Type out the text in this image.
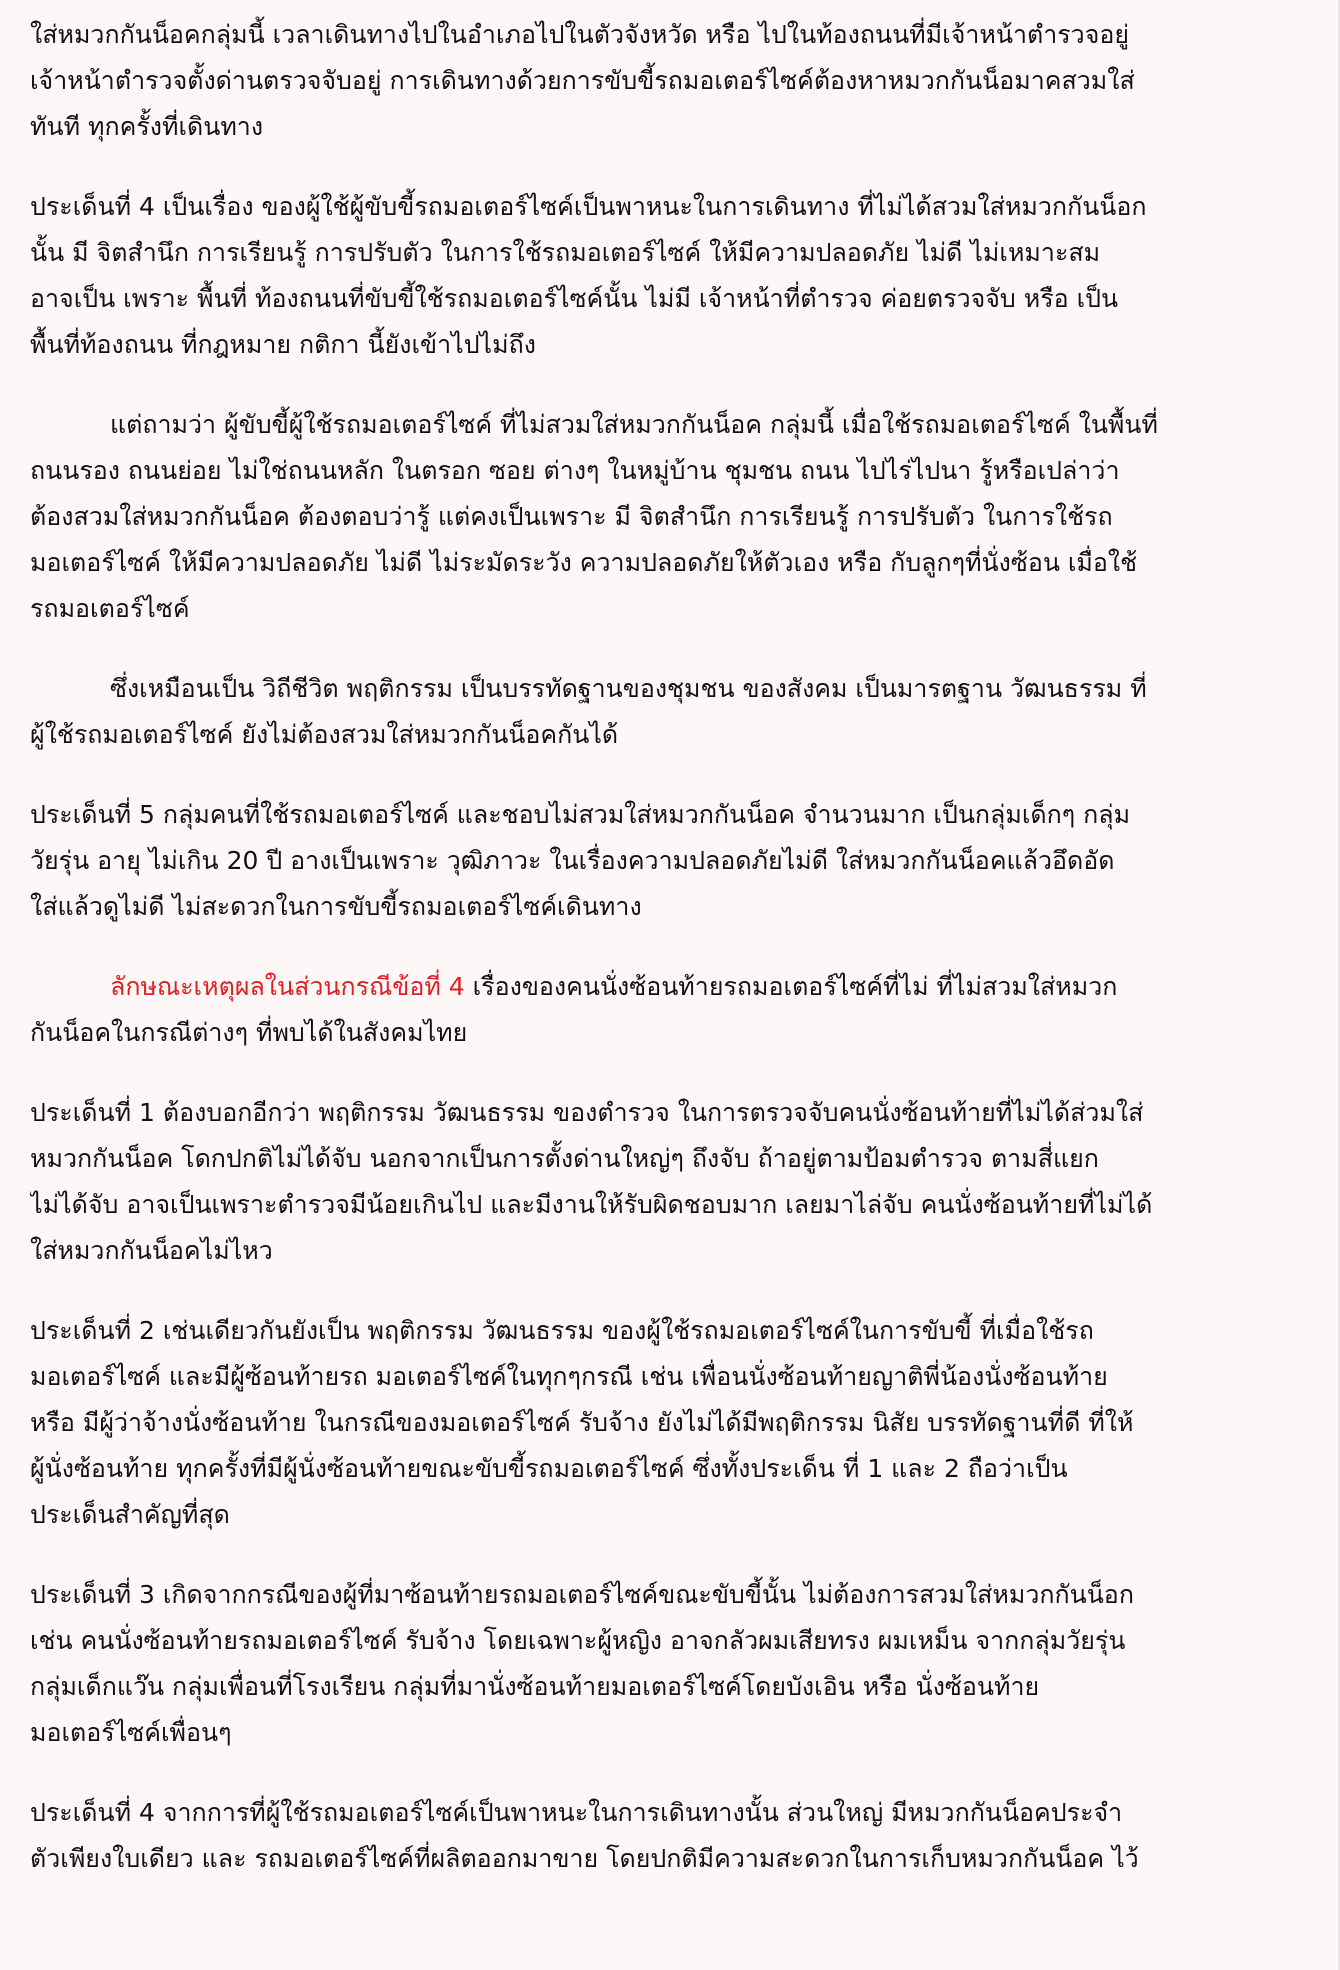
ใส่หมวกกันน็อคกลุ่มนี้ เวลาเดินทางไปในอำเภอไปในตัวจังหวัด หรือ ไปในท้องถนนที่มีเจ้าหน้าตำรวจอยู่
เจ้าหน้าตำรวจตั้งด่านตรวจจับอยู่ การเดินทางด้วยการขับขี้รถมอเตอร์ไซค์ต้องหาหมวกกันน็อมาคสวมใส่
ทันที ทุกครั้งที่เดินทาง
ประเด็นที่ 4 เป็นเรื่อง ของผู้ใช้ผู้ขับขี้รถมอเตอร์ไซค์เป็นพาหนะในการเดินทาง ที่ไม่ได้สวมใส่หมวกกันน็อก
นั้น มี จิตสำนึก การเรียนรู้ การปรับตัว ในการใช้รถมอเตอร์ไซค์ ให้มีความปลอดภัย ไม่ดี ไม่เหมาะสม
อาจเป็น เพราะ พื้นที่ ท้องถนนที่ขับขี้ใช้รถมอเตอร์ไซค์นั้น ไม่มี เจ้าหน้าที่ตำรวจ ค่อยตรวจจับ หรือ เป็น
พื้นที่ท้องถนน ที่กฎหมาย กติกา นี้ยังเข้าไปไม่ถึง
แต่ถามว่า ผู้ขับขี้ผู้ใช้รถมอเตอร์ไซค์ ที่ไม่สวมใส่หมวกกันน็อค กลุ่มนี้ เมื่อใช้รถมอเตอร์ไซค์ ในพื้นที่
ถนนรอง ถนนย่อย ไม่ใช่ถนนหลัก ในตรอก ซอย ต่างๆ ในหมู่บ้าน ชุมชน ถนน ไปไร่ไปนา รู้หรือเปล่าว่า
ต้องสวมใส่หมวกกันน็อค ต้องตอบว่ารู้ แต่คงเป็นเพราะ มี จิตสำนึก การเรียนรู้ การปรับตัว ในการใช้รถ
มอเตอร์ไซค์ ให้มีความปลอดภัย ไม่ดี ไม่ระมัดระวัง ความปลอดภัยให้ตัวเอง หรือ กับลูกๆที่นั่งซ้อน เมื่อใช้
รถมอเตอร์ไซค์
ซึ่งเหมือนเป็น วิถีชีวิต พฤติกรรม เป็นบรรทัดฐานของชุมชน ของสังคม เป็นมารตฐาน วัฒนธรรม ที่
ผู้ใช้รถมอเตอร์ไซค์ ยังไม่ต้องสวมใส่หมวกกันน็อคกันได้
ประเด็นที่ 5 กลุ่มคนที่ใช้รถมอเตอร์ไซค์ และชอบไม่สวมใส่หมวกกันน็อค จำนวนมาก เป็นกลุ่มเด็กๆ กลุ่ม
วัยรุ่น อายุ ไม่เกิน 20 ปี อางเป็นเพราะ วุฒิภาวะ ในเรื่องความปลอดภัยไม่ดี ใส่หมวกกันน็อคแล้วอึดอัด
ใส่แล้วดูไม่ดี ไม่สะดวกในการขับขี้รถมอเตอร์ไซค์เดินทาง
ลักษณะเหตุผลในส่วนกรณีข้อที่ 4 เรื่องของคนนั่งซ้อนท้ายรถมอเตอร์ไซค์ที่ไม่ ที่ไม่สวมใส่หมวก
กันน็อคในกรณีต่างๆ ที่พบได้ในสังคมไทย
ประเด็นที่ 1 ต้องบอกอีกว่า พฤติกรรม วัฒนธรรม ของตำรวจ ในการตรวจจับคนนั่งซ้อนท้ายที่ไม่ได้ส่วมใส่
หมวกกันน็อค โดกปกติไม่ได้จับ นอกจากเป็นการตั้งด่านใหญ่ๆ ถึงจับ ถ้าอยู่ตามป้อมตำรวจ ตามสี่แยก
ไม่ได้จับ อาจเป็นเพราะตำรวจมีน้อยเกินไป และมีงานให้รับผิดชอบมาก เลยมาไล่จับ คนนั่งซ้อนท้ายที่ไม่ได้
ใส่หมวกกันน็อคไม่ไหว
ประเด็นที่ 2 เช่นเดียวกันยังเป็น พฤติกรรม วัฒนธรรม ของผู้ใช้รถมอเตอร์ไซค์ในการขับขี้ ที่เมื่อใช้รถ
มอเตอร์ไซค์ และมีผู้ซ้อนท้ายรถ มอเตอร์ไซค์ในทุกๆกรณี เช่น เพื่อนนั่งซ้อนท้ายญาติพี่น้องนั่งซ้อนท้าย
หรือ มีผู้ว่าจ้างนั่งซ้อนท้าย ในกรณีของมอเตอร์ไซค์ รับจ้าง ยังไม่ได้มีพฤติกรรม นิสัย บรรทัดฐานที่ดี ที่ให้
ผู้นั่งซ้อนท้าย ทุกครั้งที่มีผู้นั่งซ้อนท้ายขณะขับขี้รถมอเตอร์ไซค์ ซึ่งทั้งประเด็น ที่ 1 และ 2 ถือว่าเป็น
ประเด็นสำคัญที่สุด
ประเด็นที่ 3 เกิดจากกรณีของผู้ที่มาซ้อนท้ายรถมอเตอร์ไซค์ขณะขับขี้นั้น ไม่ต้องการสวมใส่หมวกกันน็อก
เช่น คนนั่งซ้อนท้ายรถมอเตอร์ไซค์ รับจ้าง โดยเฉพาะผู้หญิง อาจกลัวผมเสียทรง ผมเหม็น จากกลุ่มวัยรุ่น
กลุ่มเด็กแว๊น กลุ่มเพื่อนที่โรงเรียน กลุ่มที่มานั่งซ้อนท้ายมอเตอร์ไซค์โดยบังเอิน หรือ นั่งซ้อนท้าย
มอเตอร์ไซค์เพื่อนๆ
ประเด็นที่ 4 จากการที่ผู้ใช้รถมอเตอร์ไซค์เป็นพาหนะในการเดินทางนั้น ส่วนใหญ่ มีหมวกกันน็อคประจำ
ตัวเพียงใบเดียว และ รถมอเตอร์ไซค์ที่ผลิตออกมาขาย โดยปกติมีความสะดวกในการเก็บหมวกกันน็อค ไว้
